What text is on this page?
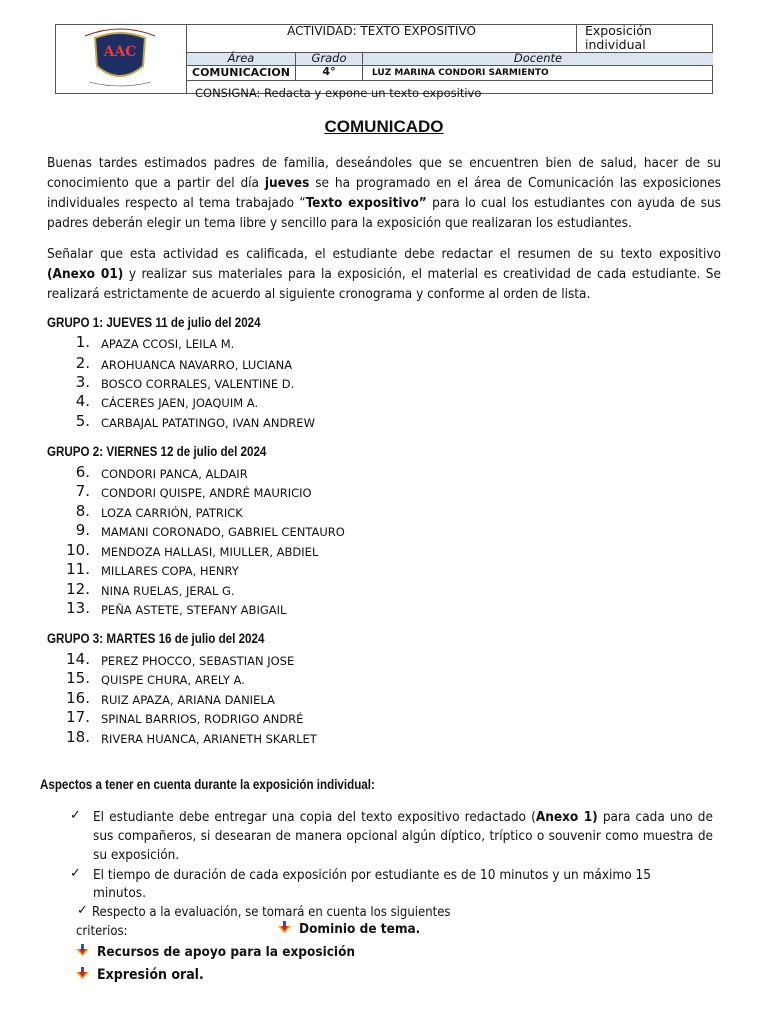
AAC
ACTIVIDAD: TEXTO EXPOSITIVO	Exposición individual
Área	Grado	Docente
COMUNICACION	4°	LUZ MARINA CONDORI SARMIENTO
CONSIGNA: Redacta y expone un texto expositivo
COMUNICADO
Buenas tardes estimados padres de familia, deseándoles que se encuentren bien de salud, hacer de su conocimiento que a partir del día jueves se ha programado en el área de Comunicación las exposiciones individuales respecto al tema trabajado “Texto expositivo” para lo cual los estudiantes con ayuda de sus padres deberán elegir un tema libre y sencillo para la exposición que realizaran los estudiantes.
Señalar que esta actividad es calificada, el estudiante debe redactar el resumen de su texto expositivo (Anexo 01) y realizar sus materiales para la exposición, el material es creatividad de cada estudiante. Se realizará estrictamente de acuerdo al siguiente cronograma y conforme al orden de lista.
GRUPO 1: JUEVES 11 de julio del 2024
1. APAZA CCOSI, LEILA M.
2. AROHUANCA NAVARRO, LUCIANA
3. BOSCO CORRALES, VALENTINE D.
4. CÁCERES JAEN, JOAQUIM A.
5. CARBAJAL PATATINGO, IVAN ANDREW
GRUPO 2: VIERNES 12 de julio del 2024
6. CONDORI PANCA, ALDAIR
7. CONDORI QUISPE, ANDRÉ MAURICIO
8. LOZA CARRIÓN, PATRICK
9. MAMANI CORONADO, GABRIEL CENTAURO
10. MENDOZA HALLASI, MIULLER, ABDIEL
11. MILLARES COPA, HENRY
12. NINA RUELAS, JERAL G.
13. PEÑA ASTETE, STEFANY ABIGAIL
GRUPO 3: MARTES 16 de julio del 2024
14. PEREZ PHOCCO, SEBASTIAN JOSE
15. QUISPE CHURA, ARELY A.
16. RUIZ APAZA, ARIANA DANIELA
17. SPINAL BARRIOS, RODRIGO ANDRÉ
18. RIVERA HUANCA, ARIANETH SKARLET
Aspectos a tener en cuenta durante la exposición individual:
✓ El estudiante debe entregar una copia del texto expositivo redactado (Anexo 1) para cada uno de sus compañeros, si desearan de manera opcional algún díptico, tríptico o souvenir como muestra de su exposición.
✓ El tiempo de duración de cada exposición por estudiante es de 10 minutos y un máximo 15 minutos.
✓ Respecto a la evaluación, se tomará en cuenta los siguientes
criterios:	Dominio de tema.
Recursos de apoyo para la exposición
Expresión oral.
